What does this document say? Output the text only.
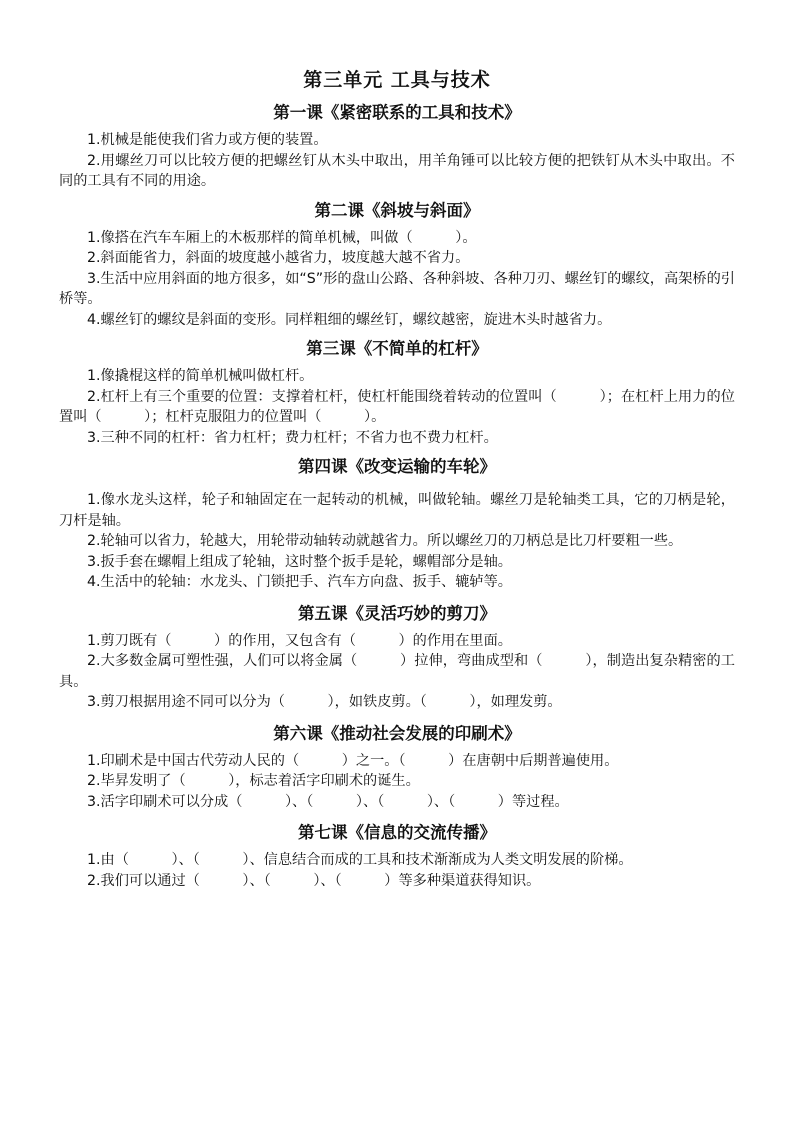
第三单元 工具与技术
第一课《紧密联系的工具和技术》

1.机械是能使我们省力或方便的装置。

2.用螺丝刀可以比较方便的把螺丝钉从木头中取出，用羊角锤可以比较方便的把铁钉从木头中取出。不同的工具有不同的用途。

第二课《斜坡与斜面》

1.像搭在汽车车厢上的木板那样的简单机械，叫做（　　　）。

2.斜面能省力，斜面的坡度越小越省力，坡度越大越不省力。

3.生活中应用斜面的地方很多，如“S”形的盘山公路、各种斜坡、各种刀刃、螺丝钉的螺纹，高架桥的引桥等。

4.螺丝钉的螺纹是斜面的变形。同样粗细的螺丝钉，螺纹越密，旋进木头时越省力。

第三课《不简单的杠杆》

1.像撬棍这样的简单机械叫做杠杆。

2.杠杆上有三个重要的位置：支撑着杠杆，使杠杆能围绕着转动的位置叫（　　　）；在杠杆上用力的位置叫（　　　）；杠杆克服阻力的位置叫（　　　）。

3.三种不同的杠杆：省力杠杆；费力杠杆；不省力也不费力杠杆。

第四课《改变运输的车轮》

1.像水龙头这样，轮子和轴固定在一起转动的机械，叫做轮轴。螺丝刀是轮轴类工具，它的刀柄是轮，刀杆是轴。

2.轮轴可以省力，轮越大，用轮带动轴转动就越省力。所以螺丝刀的刀柄总是比刀杆要粗一些。

3.扳手套在螺帽上组成了轮轴，这时整个扳手是轮，螺帽部分是轴。

4.生活中的轮轴：水龙头、门锁把手、汽车方向盘、扳手、辘轳等。

第五课《灵活巧妙的剪刀》

1.剪刀既有（　　　）的作用，又包含有（　　　）的作用在里面。

2.大多数金属可塑性强，人们可以将金属（　　　）拉伸，弯曲成型和（　　　），制造出复杂精密的工具。

3.剪刀根据用途不同可以分为（　　　），如铁皮剪。（　　　），如理发剪。

第六课《推动社会发展的印刷术》

1.印刷术是中国古代劳动人民的（　　　）之一。（　　　）在唐朝中后期普遍使用。

2.毕昇发明了（　　　），标志着活字印刷术的诞生。

3.活字印刷术可以分成（　　　）、（　　　）、（　　　）、（　　　）等过程。

第七课《信息的交流传播》

1.由（　　　）、（　　　）、信息结合而成的工具和技术渐渐成为人类文明发展的阶梯。

2.我们可以通过（　　　）、（　　　）、（　　　）等多种渠道获得知识。
